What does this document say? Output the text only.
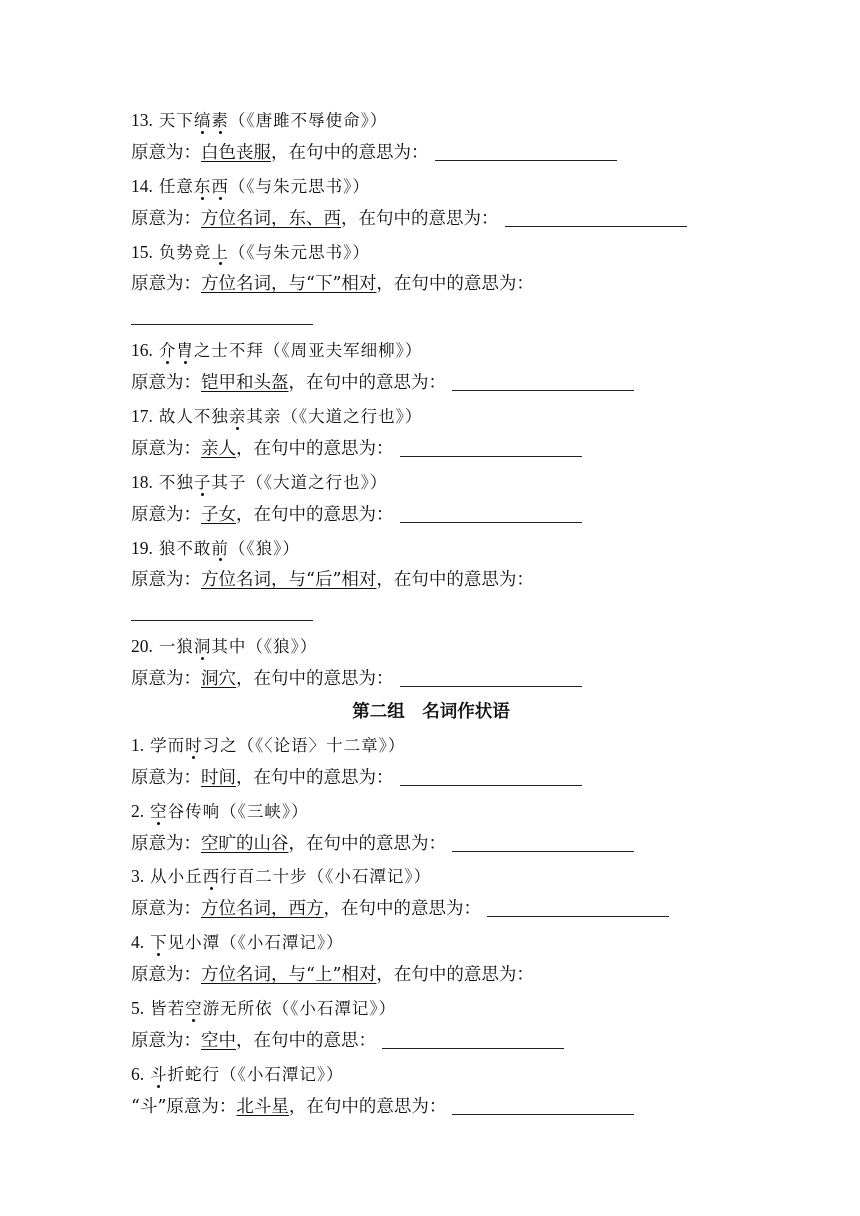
13. 天下缟素（《唐雎不辱使命》）
原意为：白色丧服，在句中的意思为：
14. 任意东西（《与朱元思书》）
原意为：方位名词，东、西，在句中的意思为：
15. 负势竞上（《与朱元思书》）
原意为：方位名词，与“下”相对，在句中的意思为：
16. 介胄之士不拜（《周亚夫军细柳》）
原意为：铠甲和头盔，在句中的意思为：
17. 故人不独亲其亲（《大道之行也》）
原意为：亲人，在句中的意思为：
18. 不独子其子（《大道之行也》）
原意为：子女，在句中的意思为：
19. 狼不敢前（《狼》）
原意为：方位名词，与“后”相对，在句中的意思为：
20. 一狼洞其中（《狼》）
原意为：洞穴，在句中的意思为：
第二组　名词作状语
1. 学而时习之（《〈论语〉十二章》）
原意为：时间，在句中的意思为：
2. 空谷传响（《三峡》）
原意为：空旷的山谷，在句中的意思为：
3. 从小丘西行百二十步（《小石潭记》）
原意为：方位名词，西方，在句中的意思为：
4. 下见小潭（《小石潭记》）
原意为：方位名词，与“上”相对，在句中的意思为：
5. 皆若空游无所依（《小石潭记》）
原意为：空中，在句中的意思：
6. 斗折蛇行（《小石潭记》）
“斗”原意为：北斗星，在句中的意思为：
